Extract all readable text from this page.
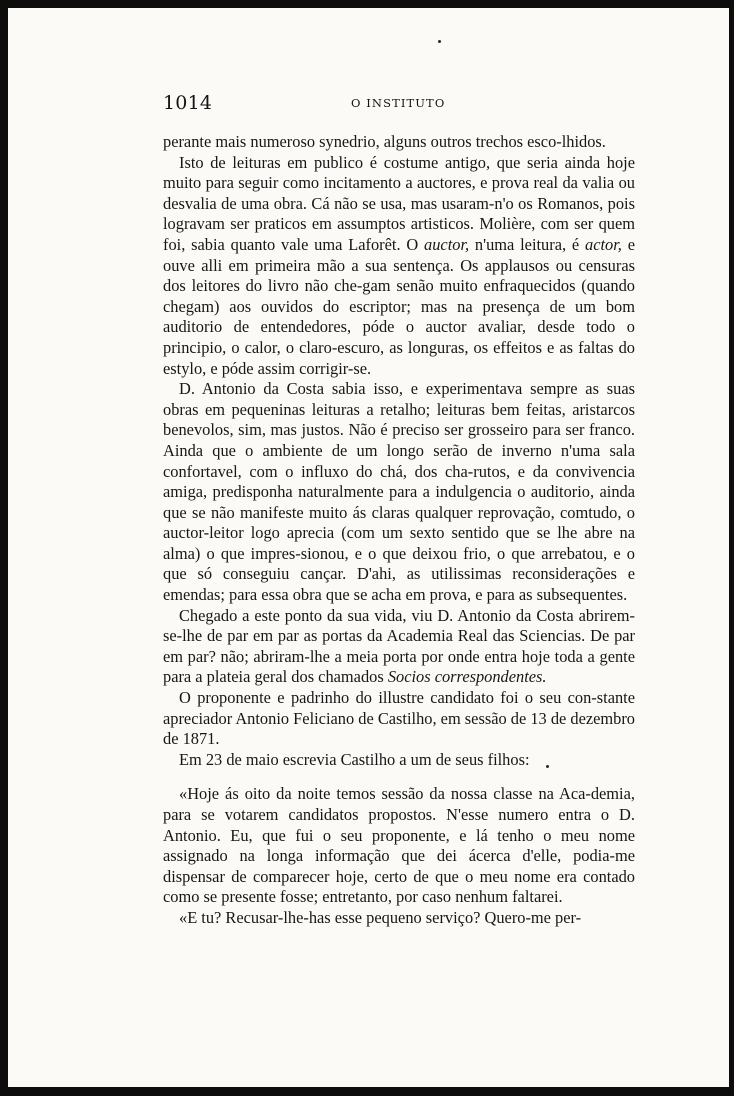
1014	O INSTITUTO

perante mais numeroso synedrio, alguns outros trechos esco-lhidos.

Isto de leituras em publico é costume antigo, que seria ainda hoje muito para seguir como incitamento a auctores, e prova real da valia ou desvalia de uma obra. Cá não se usa, mas usaram-n'o os Romanos, pois logravam ser praticos em assumptos artisticos. Molière, com ser quem foi, sabia quanto vale uma Laforêt. O auctor, n'uma leitura, é actor, e ouve alli em primeira mão a sua sentença. Os applausos ou censuras dos leitores do livro não che-gam senão muito enfraquecidos (quando chegam) aos ouvidos do escriptor; mas na presença de um bom auditorio de entendedores, póde o auctor avaliar, desde todo o principio, o calor, o claro-escuro, as longuras, os effeitos e as faltas do estylo, e póde assim corrigir-se.

D. Antonio da Costa sabia isso, e experimentava sempre as suas obras em pequeninas leituras a retalho; leituras bem feitas, aristarcos benevolos, sim, mas justos. Não é preciso ser grosseiro para ser franco. Ainda que o ambiente de um longo serão de inverno n'uma sala confortavel, com o influxo do chá, dos cha-rutos, e da convivencia amiga, predisponha naturalmente para a indulgencia o auditorio, ainda que se não manifeste muito ás claras qualquer reprovação, comtudo, o auctor-leitor logo aprecia (com um sexto sentido que se lhe abre na alma) o que impres-sionou, e o que deixou frio, o que arrebatou, e o que só conseguiu cançar. D'ahi, as utilissimas reconsiderações e emendas; para essa obra que se acha em prova, e para as subsequentes.

Chegado a este ponto da sua vida, viu D. Antonio da Costa abrirem-se-lhe de par em par as portas da Academia Real das Sciencias. De par em par? não; abriram-lhe a meia porta por onde entra hoje toda a gente para a plateia geral dos chamados Socios correspondentes.

O proponente e padrinho do illustre candidato foi o seu con-stante apreciador Antonio Feliciano de Castilho, em sessão de 13 de dezembro de 1871.

Em 23 de maio escrevia Castilho a um de seus filhos:

«Hoje ás oito da noite temos sessão da nossa classe na Aca-demia, para se votarem candidatos propostos. N'esse numero entra o D. Antonio. Eu, que fui o seu proponente, e lá tenho o meu nome assignado na longa informação que dei ácerca d'elle, podia-me dispensar de comparecer hoje, certo de que o meu nome era contado como se presente fosse; entretanto, por caso nenhum faltarei.

«E tu? Recusar-lhe-has esse pequeno serviço? Quero-me per-
